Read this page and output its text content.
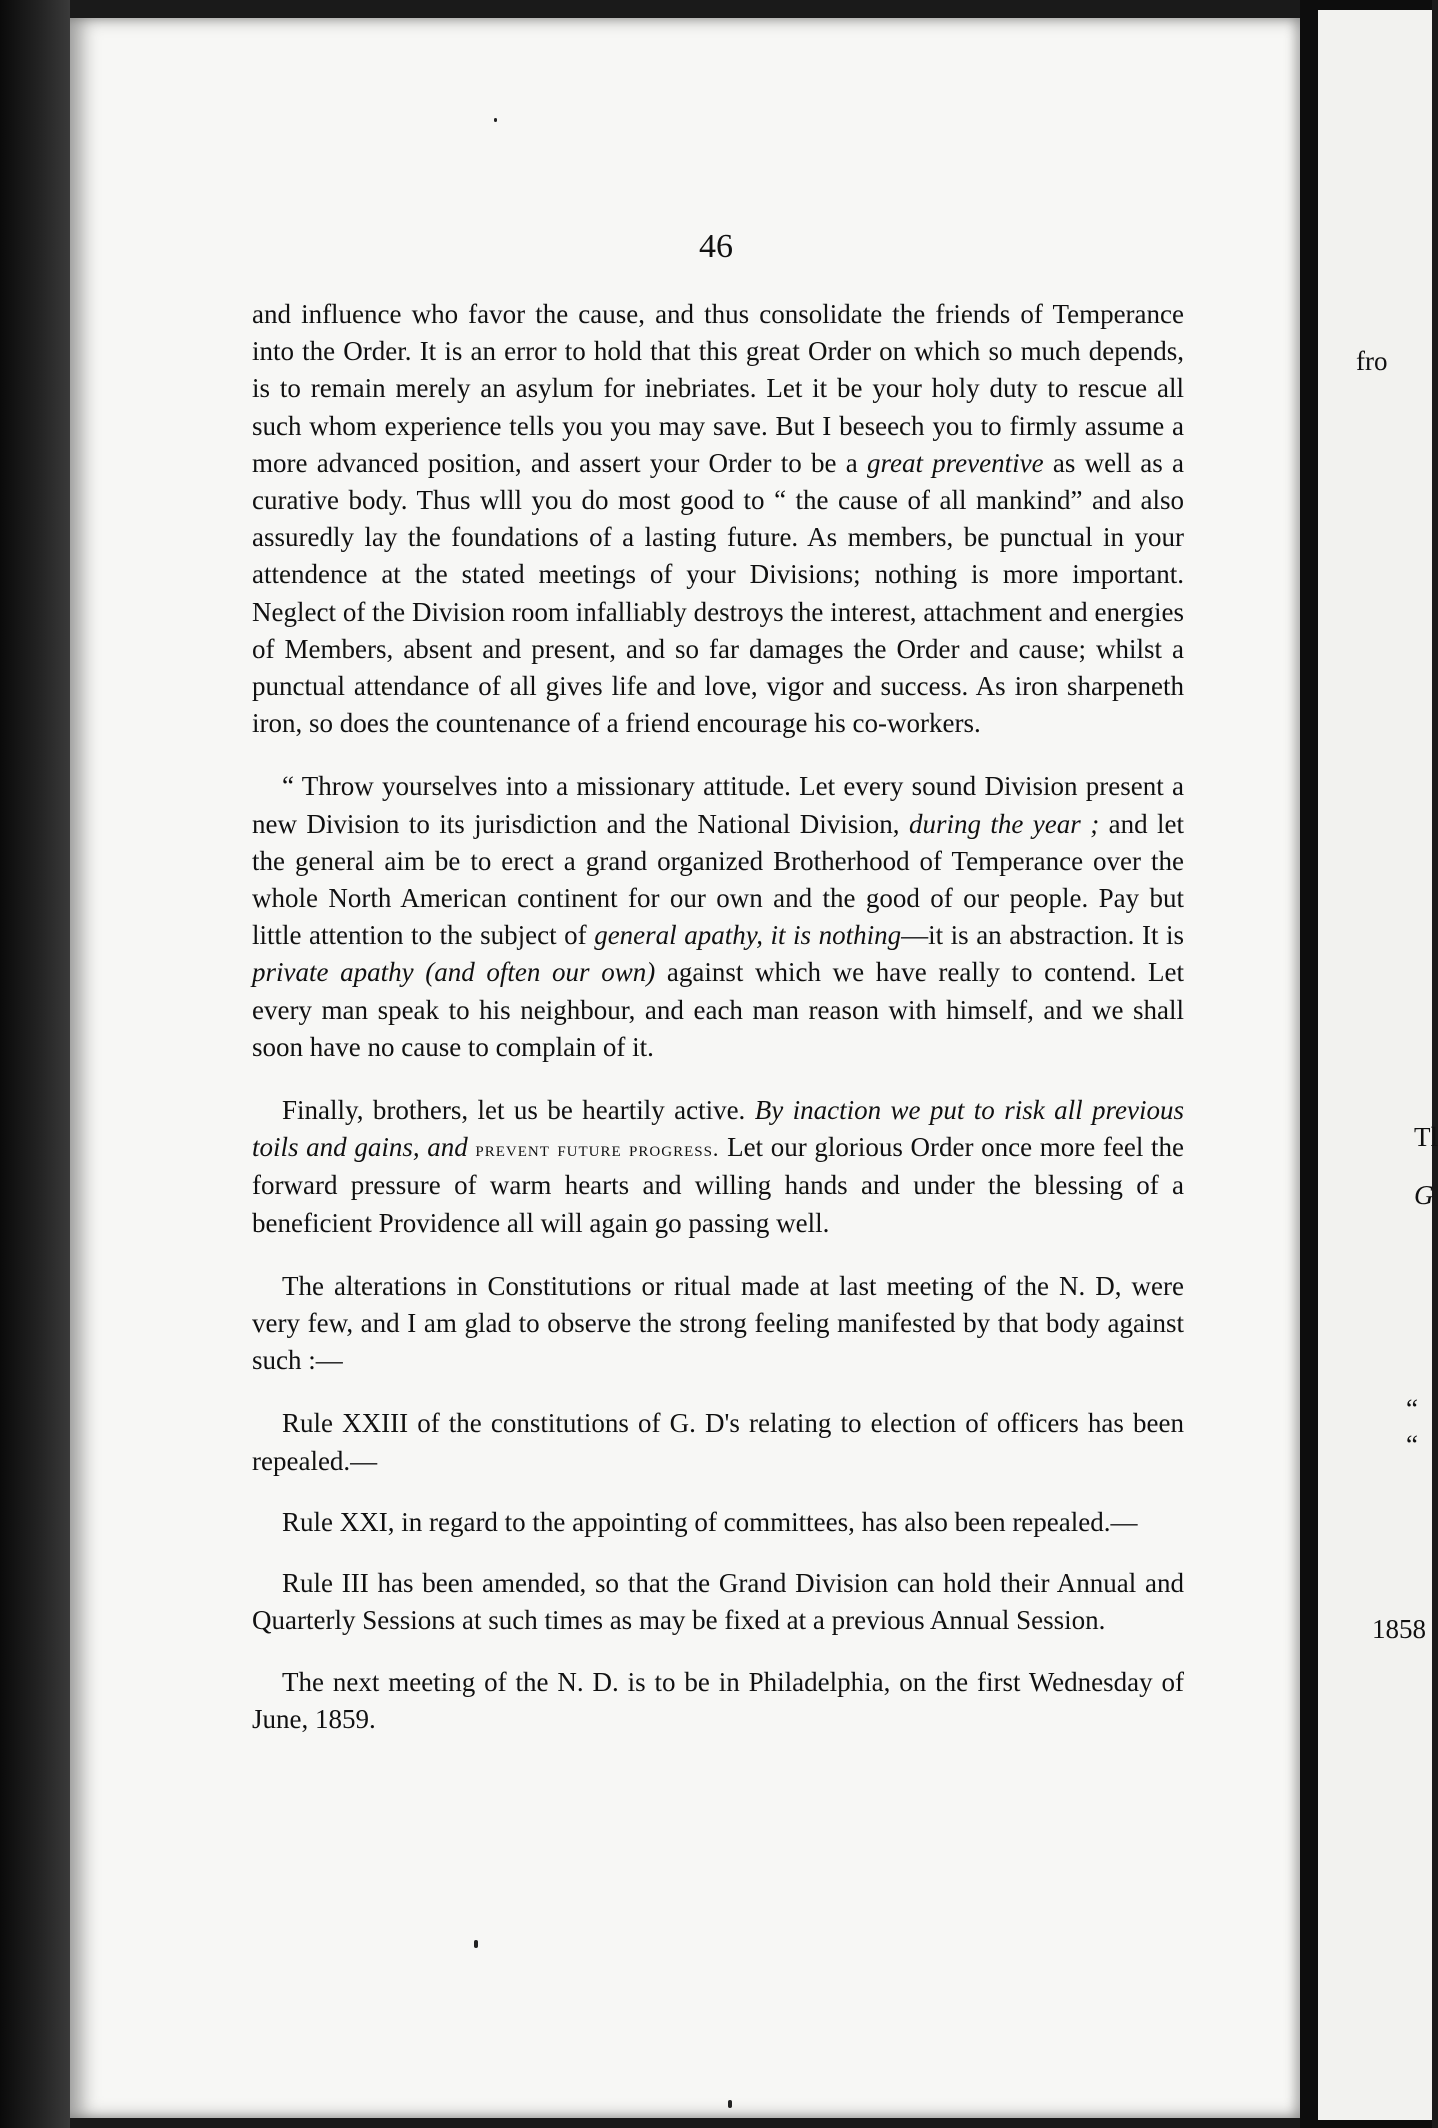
fro
Tl
G
“
“
1858
46

and influence who favor the cause, and thus consolidate the friends of Temperance into the Order. It is an error to hold that this great Order on which so much depends, is to remain merely an asylum for inebriates. Let it be your holy duty to rescue all such whom experience tells you you may save. But I beseech you to firmly assume a more advanced position, and assert your Order to be a great preventive as well as a curative body. Thus wlll you do most good to “ the cause of all mankind” and also assuredly lay the foundations of a lasting future. As members, be punctual in your attendence at the stated meetings of your Divisions; nothing is more important. Neglect of the Division room infalliably destroys the interest, attachment and energies of Members, absent and present, and so far damages the Order and cause; whilst a punctual attendance of all gives life and love, vigor and success. As iron sharpeneth iron, so does the countenance of a friend encourage his co-workers.

“ Throw yourselves into a missionary attitude. Let every sound Division present a new Division to its jurisdiction and the National Division, during the year ; and let the general aim be to erect a grand organized Brotherhood of Temperance over the whole North American continent for our own and the good of our people. Pay but little attention to the subject of general apathy, it is nothing—it is an abstraction. It is private apathy (and often our own) against which we have really to contend. Let every man speak to his neighbour, and each man reason with himself, and we shall soon have no cause to complain of it.

Finally, brothers, let us be heartily active. By inaction we put to risk all previous toils and gains, and prevent future progress. Let our glorious Order once more feel the forward pressure of warm hearts and willing hands and under the blessing of a beneficient Providence all will again go passing well.

The alterations in Constitutions or ritual made at last meeting of the N. D, were very few, and I am glad to observe the strong feeling manifested by that body against such :—

Rule XXIII of the constitutions of G. D's relating to election of officers has been repealed.—

Rule XXI, in regard to the appointing of committees, has also been repealed.—

Rule III has been amended, so that the Grand Division can hold their Annual and Quarterly Sessions at such times as may be fixed at a previous Annual Session.

The next meeting of the N. D. is to be in Philadelphia, on the first Wednesday of June, 1859.
